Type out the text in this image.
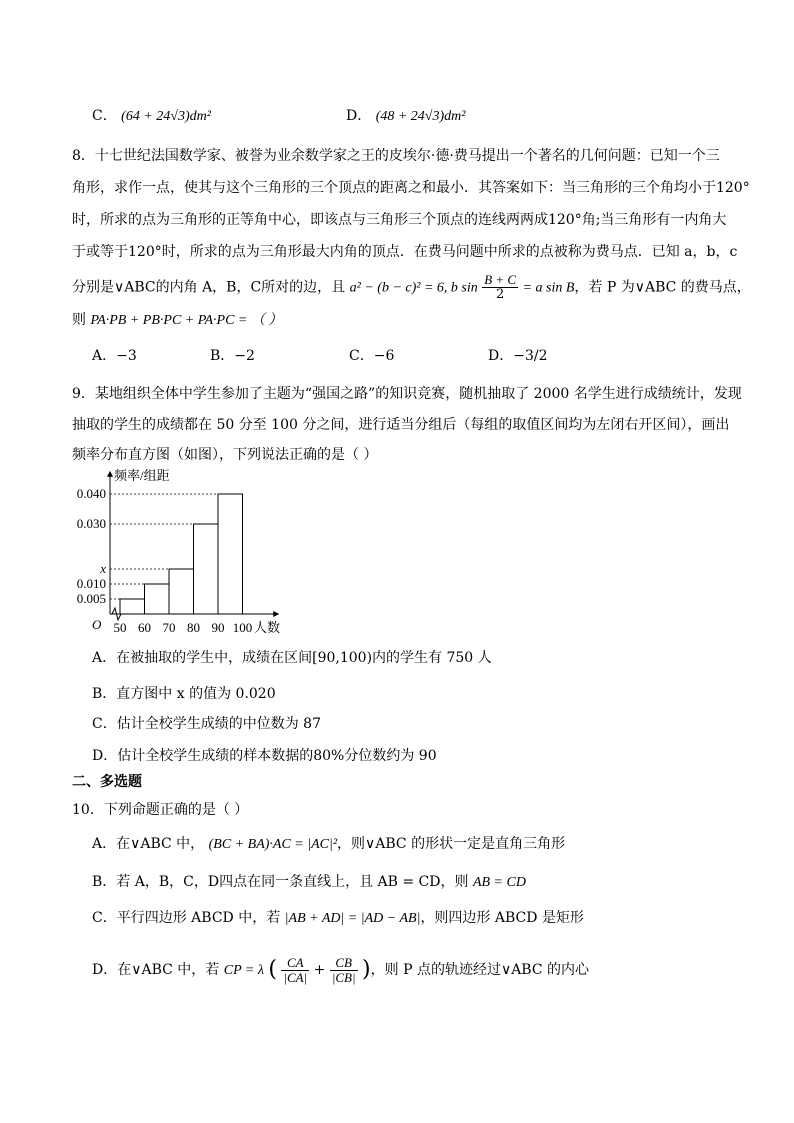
C． (64 + 24√3)dm²	D． (48 + 24√3)dm²
8．十七世纪法国数学家、被誉为业余数学家之王的皮埃尔·德·费马提出一个著名的几何问题：已知一个三
角形，求作一点，使其与这个三角形的三个顶点的距离之和最小．其答案如下：当三角形的三个角均小于120°
时，所求的点为三角形的正等角中心，即该点与三角形三个顶点的连线两两成120°角;当三角形有一内角大
于或等于120°时，所求的点为三角形最大内角的顶点．在费马问题中所求的点被称为费马点．已知 a，b，c
分别是∨ABC的内角 A，B，C所对的边，且 a² − (b − c)² = 6, b $\sin \frac{B + C}{2} = a$ sin B，若 P 为∨ABC 的费马点，
则 PA·PB + PB·PC + PA·PC = （ ）
A．−3	B．−2	C．−6	D．−3/2
9．某地组织全体中学生参加了主题为“强国之路”的知识竞赛，随机抽取了 2000 名学生进行成绩统计，发现
抽取的学生的成绩都在 50 分至 100 分之间，进行适当分组后（每组的取值区间均为左闭右开区间），画出
频率分布直方图（如图），下列说法正确的是（ ）
频率/组距
人数
O
0.005
0.010
x
0.030
0.040
50 60 70 80 90 100
A．在被抽取的学生中，成绩在区间[90,100)内的学生有 750 人
B．直方图中 x 的值为 0.020
C．估计全校学生成绩的中位数为 87
D．估计全校学生成绩的样本数据的80%分位数约为 90
二、多选题
10．下列命题正确的是（ ）
A．在∨ABC 中， (BC + BA)·AC = |AC|²，则∨ABC 的形状一定是直角三角形
B．若 A，B，C，D四点在同一条直线上，且 AB = CD，则 AB = CD
C．平行四边形 ABCD 中，若 |AB + AD| = |AD − AB|，则四边形 ABCD 是矩形
D．在∨ABC 中，若 CP = λ ( $\frac{CA}{|CA|} + \frac{CB}{|CB|}$ )，则 P 点的轨迹经过∨ABC 的内心
